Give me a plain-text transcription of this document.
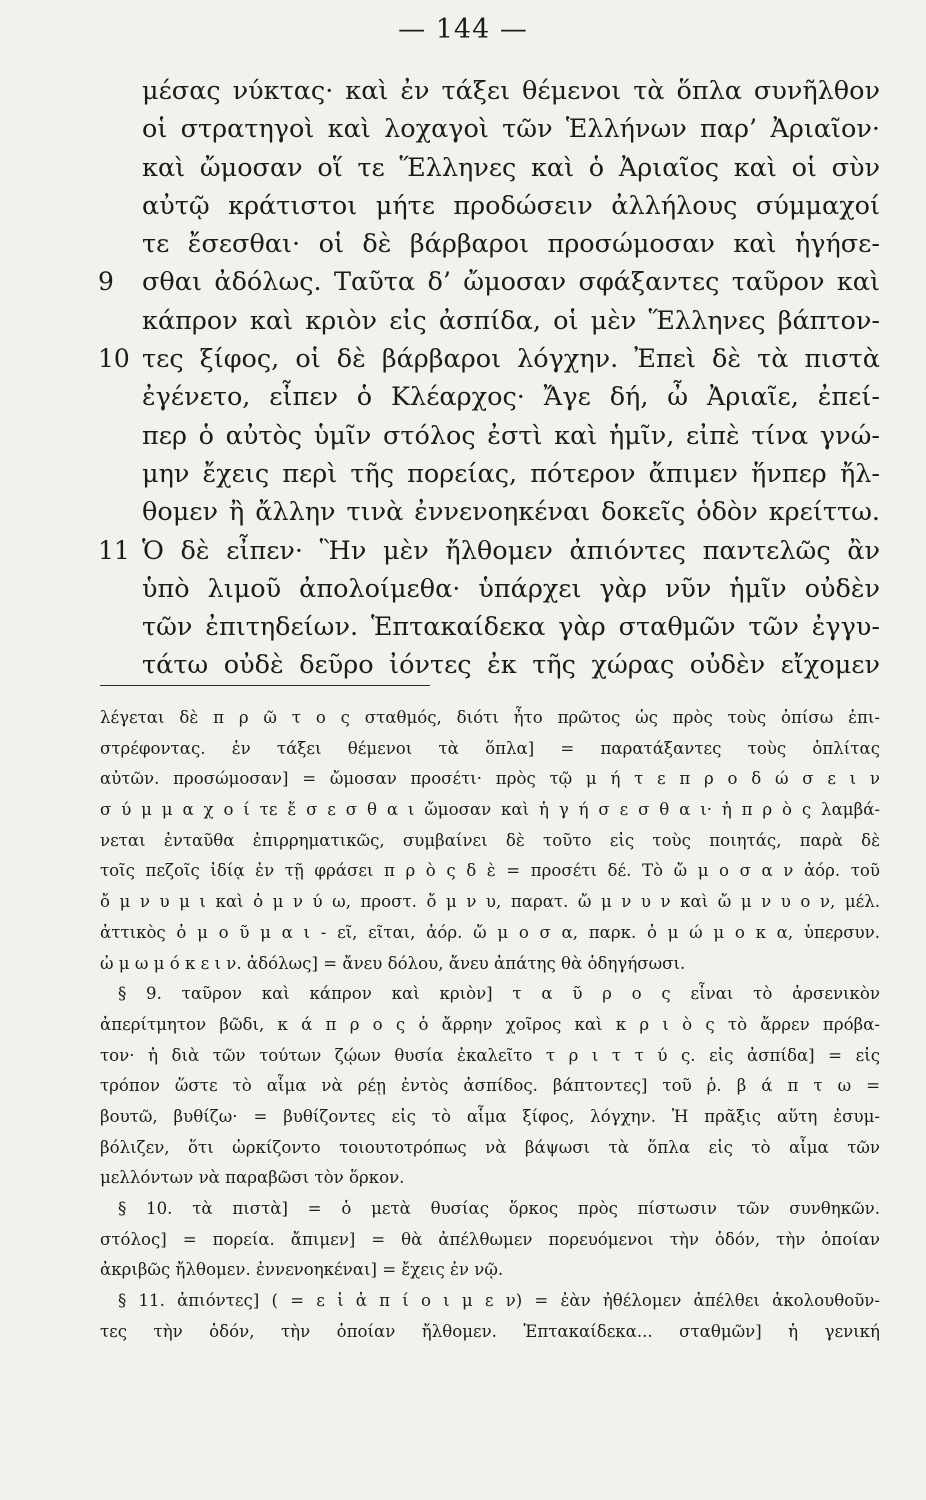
— 144 —
μέσας νύκτας· καὶ ἐν τάξει θέμενοι τὰ ὅπλα συνῆλθον
οἱ στρατηγοὶ καὶ λοχαγοὶ τῶν Ἑλλήνων παρ’ Ἀριαῖον·
καὶ ὤμοσαν οἵ τε Ἕλληνες καὶ ὁ Ἀριαῖος καὶ οἱ σὺν
αὐτῷ κράτιστοι μήτε προδώσειν ἀλλήλους σύμμαχοί
τε ἔσεσθαι· οἱ δὲ βάρβαροι προσώμοσαν καὶ ἡγήσε-
9 σθαι ἀδόλως. Ταῦτα δ’ ὤμοσαν σφάξαντες ταῦρον καὶ
κάπρον καὶ κριὸν εἰς ἀσπίδα, οἱ μὲν Ἕλληνες βάπτον-
10 τες ξίφος, οἱ δὲ βάρβαροι λόγχην. Ἐπεὶ δὲ τὰ πιστὰ
ἐγένετο, εἶπεν ὁ Κλέαρχος· Ἄγε δή, ὦ Ἀριαῖε, ἐπεί-
περ ὁ αὐτὸς ὑμῖν στόλος ἐστὶ καὶ ἡμῖν, εἰπὲ τίνα γνώ-
μην ἔχεις περὶ τῆς πορείας, πότερον ἄπιμεν ἥνπερ ἤλ-
θομεν ἢ ἄλλην τινὰ ἐννενοηκέναι δοκεῖς ὁδὸν κρείττω.
11 Ὁ δὲ εἶπεν· Ἣν μὲν ἤλθομεν ἀπιόντες παντελῶς ἂν
ὑπὸ λιμοῦ ἀπολοίμεθα· ὑπάρχει γὰρ νῦν ἡμῖν οὐδὲν
τῶν ἐπιτηδείων. Ἑπτακαίδεκα γὰρ σταθμῶν τῶν ἐγγυ-
τάτω οὐδὲ δεῦρο ἰόντες ἐκ τῆς χώρας οὐδὲν εἴχομεν
λέγεται δὲ π ρ ῶ τ ο ς σταθμός, διότι ἦτο πρῶτος ὡς πρὸς τοὺς ὀπίσω ἐπι-
στρέφοντας. ἐν τάξει θέμενοι τὰ ὅπλα] = παρατάξαντες τοὺς ὁπλίτας
αὐτῶν. προσώμοσαν] = ὤμοσαν προσέτι· πρὸς τῷ μ ή τ ε π ρ ο δ ώ σ ε ι ν
σ ύ μ μ α χ ο ί τε ἔ σ ε σ θ α ι ὤμοσαν καὶ ἡ γ ή σ ε σ θ α ι· ἡ π ρ ὸ ς λαμβά-
νεται ἐνταῦθα ἐπιρρηματικῶς, συμβαίνει δὲ τοῦτο εἰς τοὺς ποιητάς, παρὰ δὲ
τοῖς πεζοῖς ἰδίᾳ ἐν τῇ φράσει π ρ ὸ ς δ ὲ = προσέτι δέ. Τὸ ὤ μ ο σ α ν ἀόρ. τοῦ
ὄ μ ν υ μ ι καὶ ὀ μ ν ύ ω, προστ. ὄ μ ν υ, παρατ. ὤ μ ν υ ν καὶ ὤ μ ν υ ο ν, μέλ.
ἀττικὸς ὀ μ ο ῦ μ α ι - εῖ, εῖται, ἀόρ. ὤ μ ο σ α, παρκ. ὀ μ ώ μ ο κ α, ὑπερσυν.
ὠ μ ω μ ό κ ε ι ν. ἀδόλως] = ἄνευ δόλου, ἄνευ ἀπάτης θὰ ὁδηγήσωσι.
§ 9. ταῦρον καὶ κάπρον καὶ κριὸν] τ α ῦ ρ ο ς εἶναι τὸ ἀρσενικὸν
ἀπερίτμητον βῶδι, κ ά π ρ ο ς ὁ ἄρρην χοῖρος καὶ κ ρ ι ὸ ς τὸ ἄρρεν πρόβα-
τον· ἡ διὰ τῶν τούτων ζῴων θυσία ἐκαλεῖτο τ ρ ι τ τ ύ ς. εἰς ἀσπίδα] = εἰς
τρόπον ὥστε τὸ αἷμα νὰ ρέῃ ἐντὸς ἀσπίδος. βάπτοντες] τοῦ ῥ. β ά π τ ω =
βουτῶ, βυθίζω· = βυθίζοντες εἰς τὸ αἷμα ξίφος, λόγχην. Ἡ πρᾶξις αὕτη ἐσυμ-
βόλιζεν, ὅτι ὡρκίζοντο τοιουτοτρόπως νὰ βάψωσι τὰ ὅπλα εἰς τὸ αἷμα τῶν
μελλόντων νὰ παραβῶσι τὸν ὅρκον.
§ 10. τὰ πιστὰ] = ὁ μετὰ θυσίας ὅρκος πρὸς πίστωσιν τῶν συνθηκῶν.
στόλος] = πορεία. ἄπιμεν] = θὰ ἀπέλθωμεν πορευόμενοι τὴν ὁδόν, τὴν ὁποίαν
ἀκριβῶς ἤλθομεν. ἐννενοηκέναι] = ἔχεις ἐν νῷ.
§ 11. ἀπιόντες] ( = ε ἰ ἀ π ί ο ι μ ε ν) = ἐὰν ἠθέλομεν ἀπέλθει ἀκολουθοῦν-
τες τὴν ὁδόν, τὴν ὁποίαν ἤλθομεν. Ἑπτακαίδεκα... σταθμῶν] ἡ γενική
